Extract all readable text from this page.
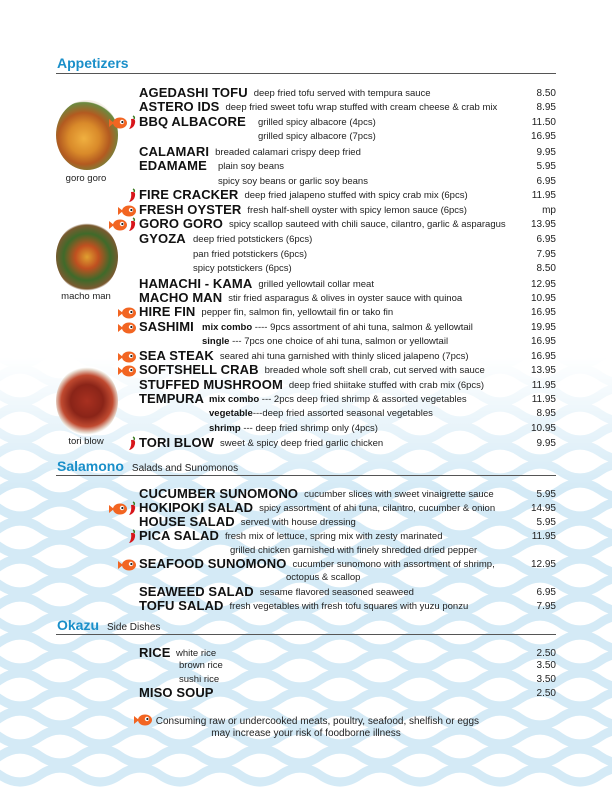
Appetizers
Salamono Salads and Sunomonos
Okazu Side Dishes
goro goro
macho man
tori blow
Consuming raw or undercooked meats, poultry, seafood, shelfish or eggs
may increase your risk of foodborne illness
AGEDASHI TOFU deep fried tofu served with tempura sauce	8.50
ASTERO IDS deep fried sweet tofu wrap stuffed with cream cheese & crab mix	8.95
BBQ ALBACORE grilled spicy albacore (4pcs)	11.50
grilled spicy albacore (7pcs)	16.95
CALAMARI breaded calamari crispy deep fried	9.95
EDAMAME plain soy beans	5.95
spicy soy beans or garlic soy beans	6.95
FIRE CRACKER deep fried jalapeno stuffed with spicy crab mix (6pcs)	11.95
FRESH OYSTER fresh half-shell oyster with spicy lemon sauce (6pcs)	mp
GORO GORO spicy scallop sauteed with chili sauce, cilantro, garlic & asparagus	13.95
GYOZA deep fried potstickers (6pcs)	6.95
pan fried potstickers (6pcs)	7.95
spicy potstickers (6pcs)	8.50
HAMACHI - KAMA grilled yellowtail collar meat	12.95
MACHO MAN stir fried asparagus & olives in oyster sauce with quinoa	10.95
HIRE FIN pepper fin, salmon fin, yellowtail fin or tako fin	16.95
SASHIMI mix combo ---- 9pcs assortment of ahi tuna, salmon & yellowtail	19.95
single --- 7pcs one choice of ahi tuna, salmon or yellowtail	16.95
SEA STEAK seared ahi tuna garnished with thinly sliced jalapeno (7pcs)	16.95
SOFTSHELL CRAB breaded whole soft shell crab, cut served with sauce	13.95
STUFFED MUSHROOM deep fried shiitake stuffed with crab mix (6pcs)	11.95
TEMPURA mix combo --- 2pcs deep fried shrimp & assorted vegetables	11.95
vegetable---deep fried assorted seasonal vegetables	8.95
shrimp --- deep fried shrimp only (4pcs)	10.95
TORI BLOW sweet & spicy deep fried garlic chicken	9.95
CUCUMBER SUNOMONO cucumber slices with sweet vinaigrette sauce	5.95
HOKIPOKI SALAD spicy assortment of ahi tuna, cilantro, cucumber & onion	14.95
HOUSE SALAD served with house dressing	5.95
PICA SALAD fresh mix of lettuce, spring mix with zesty marinated	11.95
grilled chicken garnished with finely shredded dried pepper
SEAFOOD SUNOMONO cucumber sunomono with assortment of shrimp,	12.95
octopus & scallop
SEAWEED SALAD sesame flavored seasoned seaweed	6.95
TOFU SALAD fresh vegetables with fresh tofu squares with yuzu ponzu	7.95
RICE white rice	2.50
brown rice	3.50
sushi rice	3.50
MISO SOUP	2.50
